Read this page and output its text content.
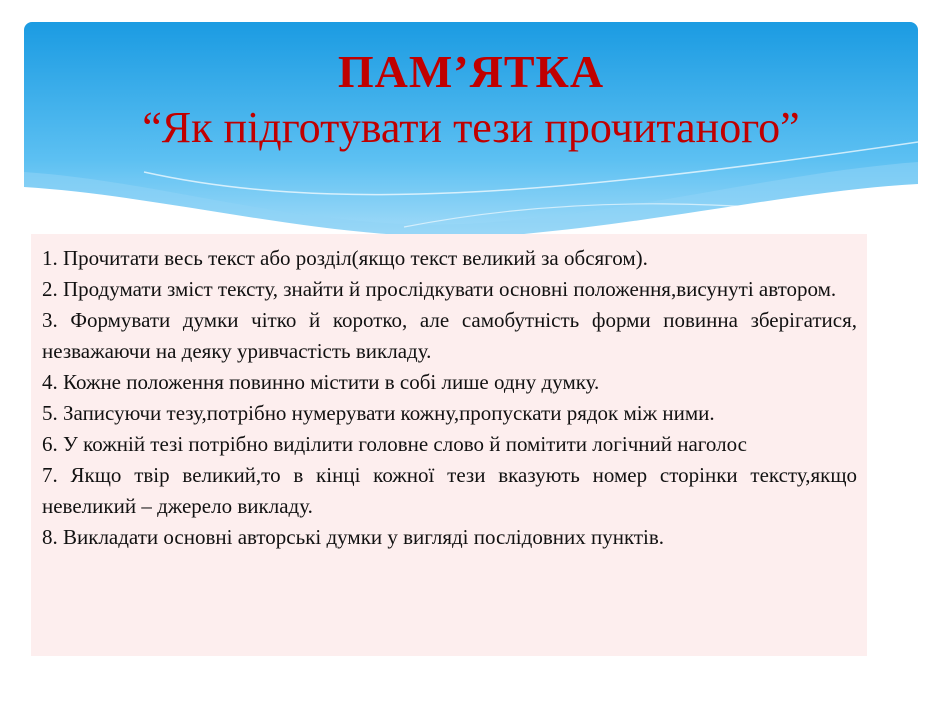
ПАМ’ЯТКА
“Як підготувати тези прочитаного”

1. Прочитати весь текст або розділ(якщо текст великий за обсягом).

2. Продумати зміст тексту, знайти й прослідкувати основні положення,висунуті автором.

3. Формувати думки чітко й коротко, але самобутність форми повинна зберігатися, незважаючи на деяку уривчастість викладу.

4. Кожне положення повинно містити в собі лише одну думку.

5. Записуючи тезу,потрібно нумерувати кожну,пропускати рядок між ними.

6. У кожній тезі потрібно виділити головне слово й помітити логічний наголос

7. Якщо твір великий,то в кінці кожної тези вказують номер сторінки тексту,якщо невеликий – джерело викладу.

8. Викладати основні авторські думки у вигляді послідовних пунктів.
